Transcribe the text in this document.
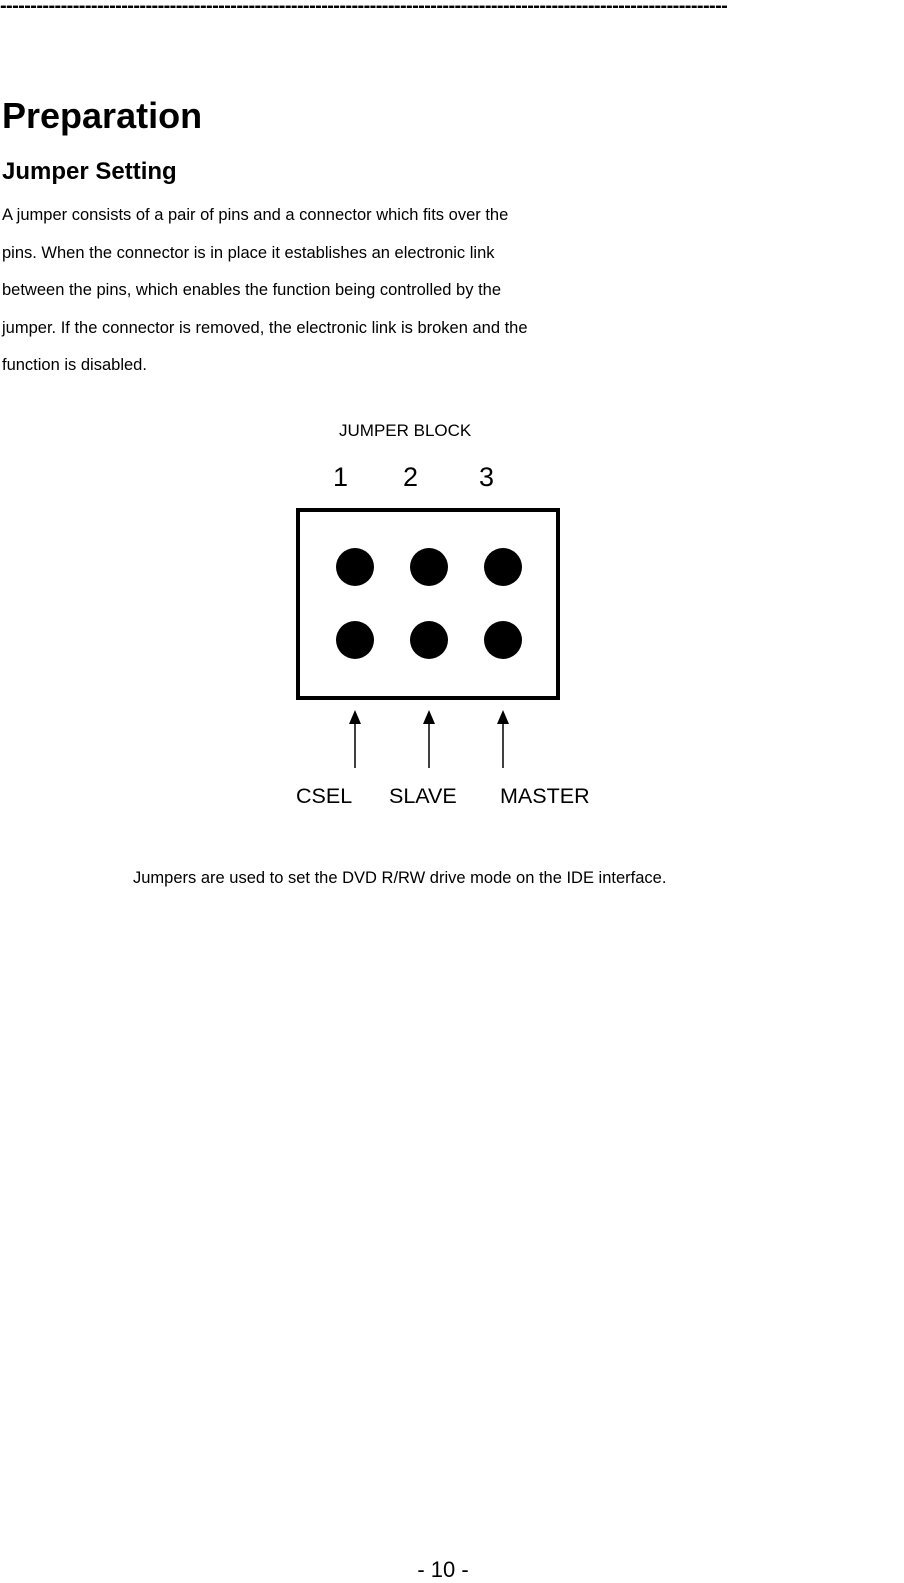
------------------------------------------------------------------------------------------------------------------------
Preparation
Jumper Setting
A jumper consists of a pair of pins and a connector which fits over the
pins. When the connector is in place it establishes an electronic link
between the pins, which enables the function being controlled by the
jumper. If the connector is removed, the electronic link is broken and the
function is disabled.
JUMPER BLOCK
1 2 3
CSEL SLAVE MASTER
Jumpers are used to set the DVD R/RW drive mode on the IDE interface.
- 10 -
